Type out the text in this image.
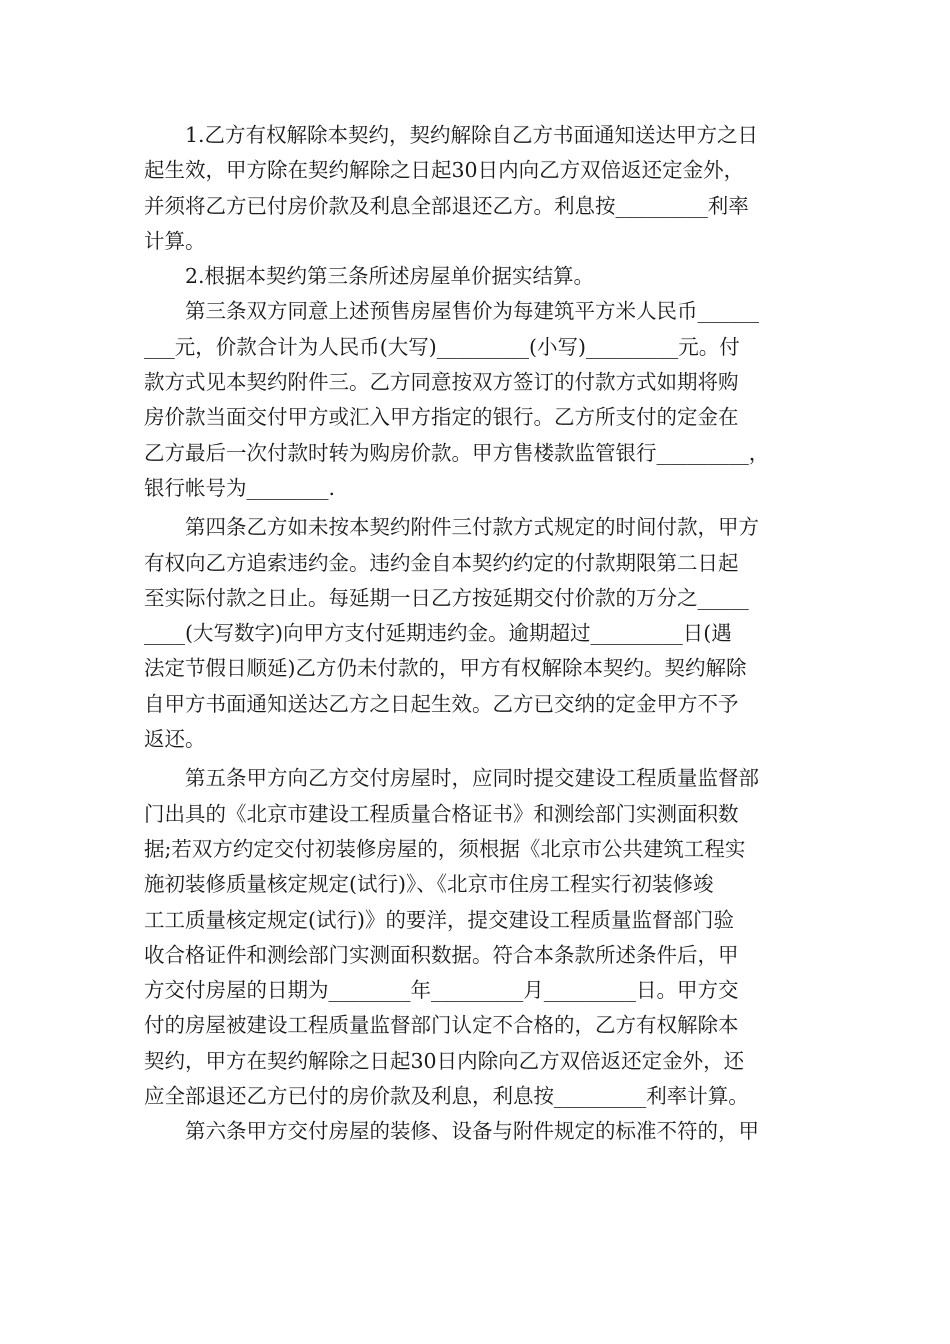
　　1.乙方有权解除本契约，契约解除自乙方书面通知送达甲方之日
起生效，甲方除在契约解除之日起30日内向乙方双倍返还定金外，
并须将乙方已付房价款及利息全部退还乙方。利息按_________利率
计算。
　　2.根据本契约第三条所述房屋单价据实结算。
　　第三条双方同意上述预售房屋售价为每建筑平方米人民币______
___元，价款合计为人民币(大写)_________(小写)_________元。付
款方式见本契约附件三。乙方同意按双方签订的付款方式如期将购
房价款当面交付甲方或汇入甲方指定的银行。乙方所支付的定金在
乙方最后一次付款时转为购房价款。甲方售楼款监管银行_________，
银行帐号为________.
　　第四条乙方如未按本契约附件三付款方式规定的时间付款，甲方
有权向乙方追索违约金。违约金自本契约约定的付款期限第二日起
至实际付款之日止。每延期一日乙方按延期交付价款的万分之_____
____(大写数字)向甲方支付延期违约金。逾期超过_________日(遇
法定节假日顺延)乙方仍未付款的，甲方有权解除本契约。契约解除
自甲方书面通知送达乙方之日起生效。乙方已交纳的定金甲方不予
返还。
　　第五条甲方向乙方交付房屋时，应同时提交建设工程质量监督部
门出具的《北京市建设工程质量合格证书》和测绘部门实测面积数
据;若双方约定交付初装修房屋的，须根据《北京市公共建筑工程实
施初装修质量核定规定(试行)》、《北京市住房工程实行初装修竣
工工质量核定规定(试行)》的要洋，提交建设工程质量监督部门验
收合格证件和测绘部门实测面积数据。符合本条款所述条件后，甲
方交付房屋的日期为________年_________月_________日。甲方交
付的房屋被建设工程质量监督部门认定不合格的，乙方有权解除本
契约，甲方在契约解除之日起30日内除向乙方双倍返还定金外，还
应全部退还乙方已付的房价款及利息，利息按_________利率计算。
　　第六条甲方交付房屋的装修、设备与附件规定的标准不符的，甲
